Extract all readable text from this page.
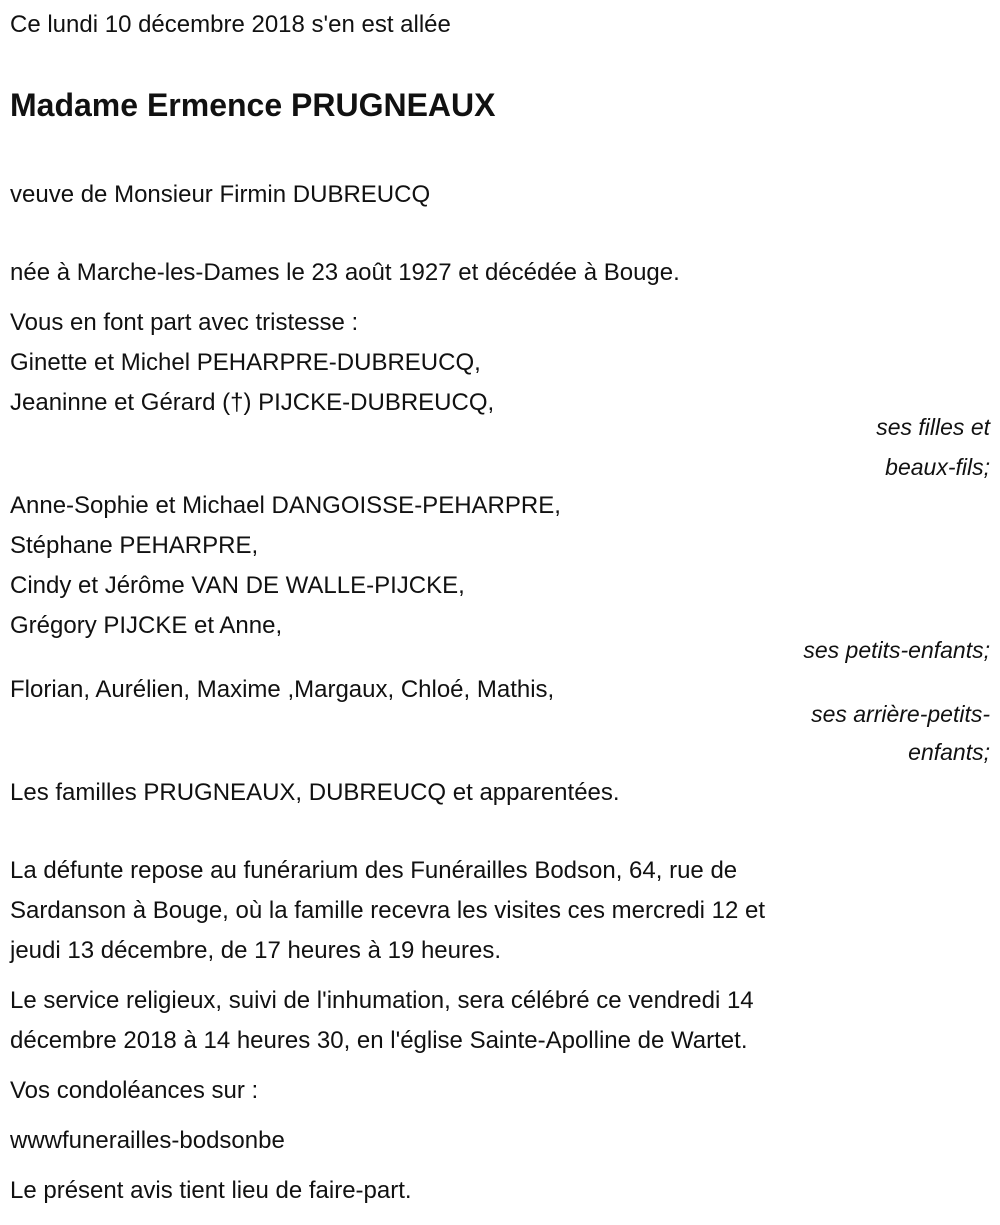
Ce lundi 10 décembre 2018 s'en est allée
Madame Ermence PRUGNEAUX
veuve de Monsieur Firmin DUBREUCQ
née à Marche-les-Dames le 23 août 1927 et décédée à Bouge.
Vous en font part avec tristesse :
Ginette et Michel PEHARPRE-DUBREUCQ,
Jeaninne et Gérard (†) PIJCKE-DUBREUCQ,
ses filles et
beaux-fils;
Anne-Sophie et Michael DANGOISSE-PEHARPRE,
Stéphane PEHARPRE,
Cindy et Jérôme VAN DE WALLE-PIJCKE,
Grégory PIJCKE et Anne,
ses petits-enfants;
Florian, Aurélien, Maxime ,Margaux, Chloé, Mathis,
ses arrière-petits-
enfants;
Les familles PRUGNEAUX, DUBREUCQ et apparentées.
La défunte repose au funérarium des Funérailles Bodson, 64, rue de
Sardanson à Bouge, où la famille recevra les visites ces mercredi 12 et
jeudi 13 décembre, de 17 heures à 19 heures.
Le service religieux, suivi de l'inhumation, sera célébré ce vendredi 14
décembre 2018 à 14 heures 30, en l'église Sainte-Apolline de Wartet.
Vos condoléances sur :
wwwfunerailles-bodsonbe
Le présent avis tient lieu de faire-part.
